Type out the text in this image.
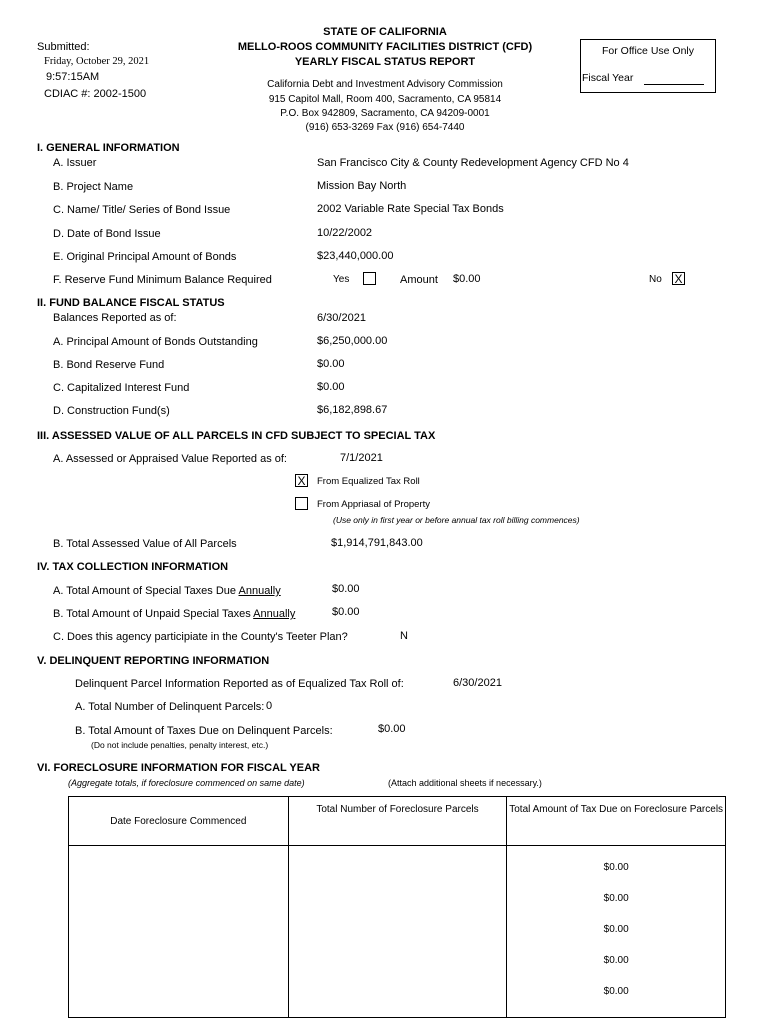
Submitted:
Friday, October 29, 2021
9:57:15AM
CDIAC #: 2002-1500
STATE OF CALIFORNIA
MELLO-ROOS COMMUNITY FACILITIES DISTRICT (CFD)
YEARLY FISCAL STATUS REPORT
California Debt and Investment Advisory Commission
915 Capitol Mall, Room 400, Sacramento, CA 95814
P.O. Box 942809, Sacramento, CA 94209-0001
(916) 653-3269 Fax (916) 654-7440
For Office Use Only
Fiscal Year
I. GENERAL INFORMATION
A. Issuer	San Francisco City & County Redevelopment Agency CFD No 4
B. Project Name	Mission Bay North
C. Name/ Title/ Series of Bond Issue	2002 Variable Rate Special Tax Bonds
D. Date of Bond Issue	10/22/2002
E. Original Principal Amount of Bonds	$23,440,000.00
F. Reserve Fund Minimum Balance Required	Yes	Amount $0.00	No X
II. FUND BALANCE FISCAL STATUS
Balances Reported as of:	6/30/2021
A. Principal Amount of Bonds Outstanding	$6,250,000.00
B. Bond Reserve Fund	$0.00
C. Capitalized Interest Fund	$0.00
D. Construction Fund(s)	$6,182,898.67
III. ASSESSED VALUE OF ALL PARCELS IN CFD SUBJECT TO SPECIAL TAX
A. Assessed or Appraised Value Reported as of:	7/1/2021
X From Equalized Tax Roll
From Appriasal of Property
(Use only in first year or before annual tax roll billing commences)
B. Total Assessed Value of All Parcels	$1,914,791,843.00
IV. TAX COLLECTION INFORMATION
A. Total Amount of Special Taxes Due Annually	$0.00
B. Total Amount of Unpaid Special Taxes Annually	$0.00
C. Does this agency participiate in the County's Teeter Plan?	N
V. DELINQUENT REPORTING INFORMATION
Delinquent Parcel Information Reported as of Equalized Tax Roll of:	6/30/2021
A. Total Number of Delinquent Parcels: 0
B. Total Amount of Taxes Due on Delinquent Parcels:	$0.00
(Do not include penalties, penalty interest, etc.)
VI. FORECLOSURE INFORMATION FOR FISCAL YEAR
(Aggregate totals, if foreclosure commenced on same date)	(Attach additional sheets if necessary.)
Date Foreclosure Commenced	Total Number of Foreclosure Parcels	Total Amount of Tax Due on Foreclosure Parcels
		$0.00
		$0.00
		$0.00
		$0.00
		$0.00
